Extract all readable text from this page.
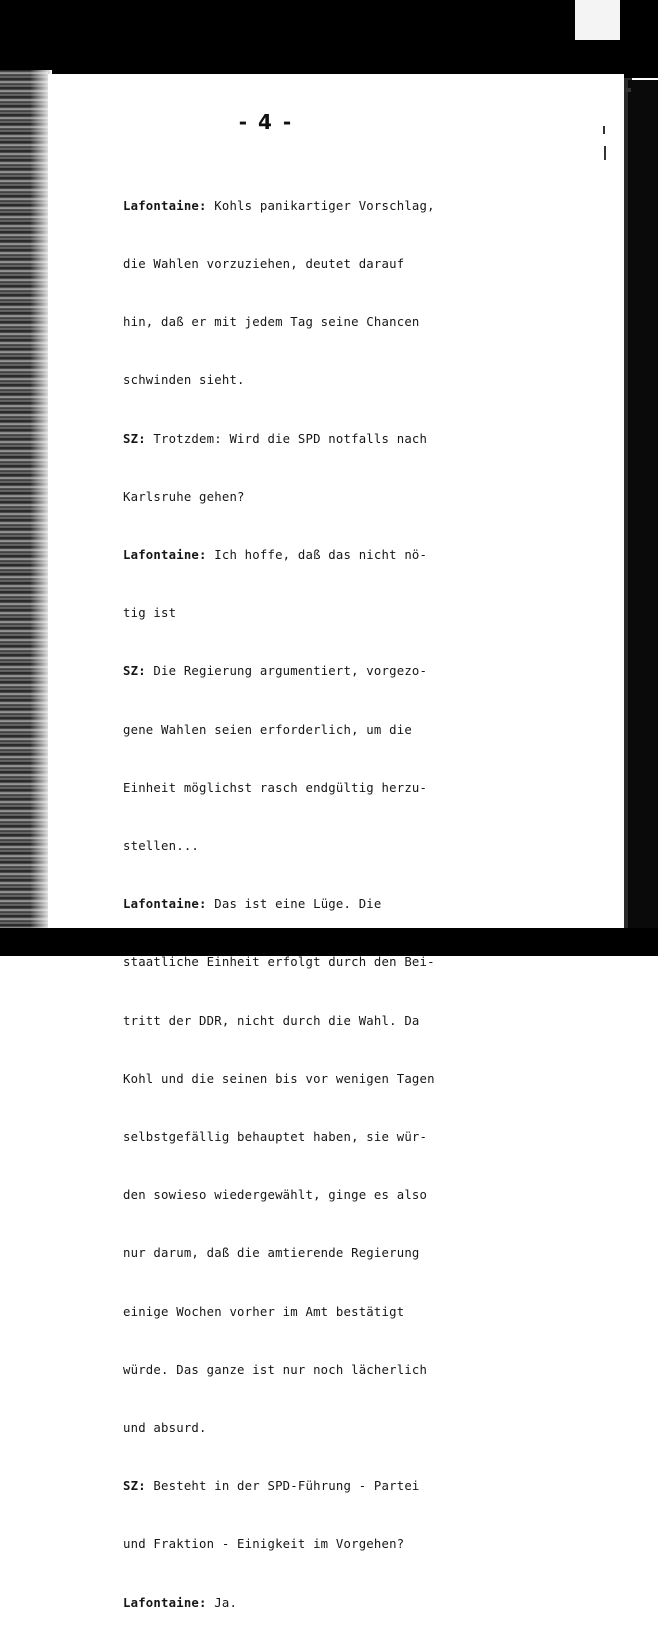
- 4 -

Lafontaine: Kohls panikartiger Vorschlag,

die Wahlen vorzuziehen, deutet darauf

hin, daß er mit jedem Tag seine Chancen

schwinden sieht.

SZ: Trotzdem: Wird die SPD notfalls nach

Karlsruhe gehen?

Lafontaine: Ich hoffe, daß das nicht nö-

tig ist

SZ: Die Regierung argumentiert, vorgezo-

gene Wahlen seien erforderlich, um die

Einheit möglichst rasch endgültig herzu-

stellen...

Lafontaine: Das ist eine Lüge. Die

staatliche Einheit erfolgt durch den Bei-

tritt der DDR, nicht durch die Wahl. Da

Kohl und die seinen bis vor wenigen Tagen

selbstgefällig behauptet haben, sie wür-

den sowieso wiedergewählt, ginge es also

nur darum, daß die amtierende Regierung

einige Wochen vorher im Amt bestätigt

würde. Das ganze ist nur noch lächerlich

und absurd.

SZ: Besteht in der SPD-Führung - Partei

und Fraktion - Einigkeit im Vorgehen?

Lafontaine: Ja.
